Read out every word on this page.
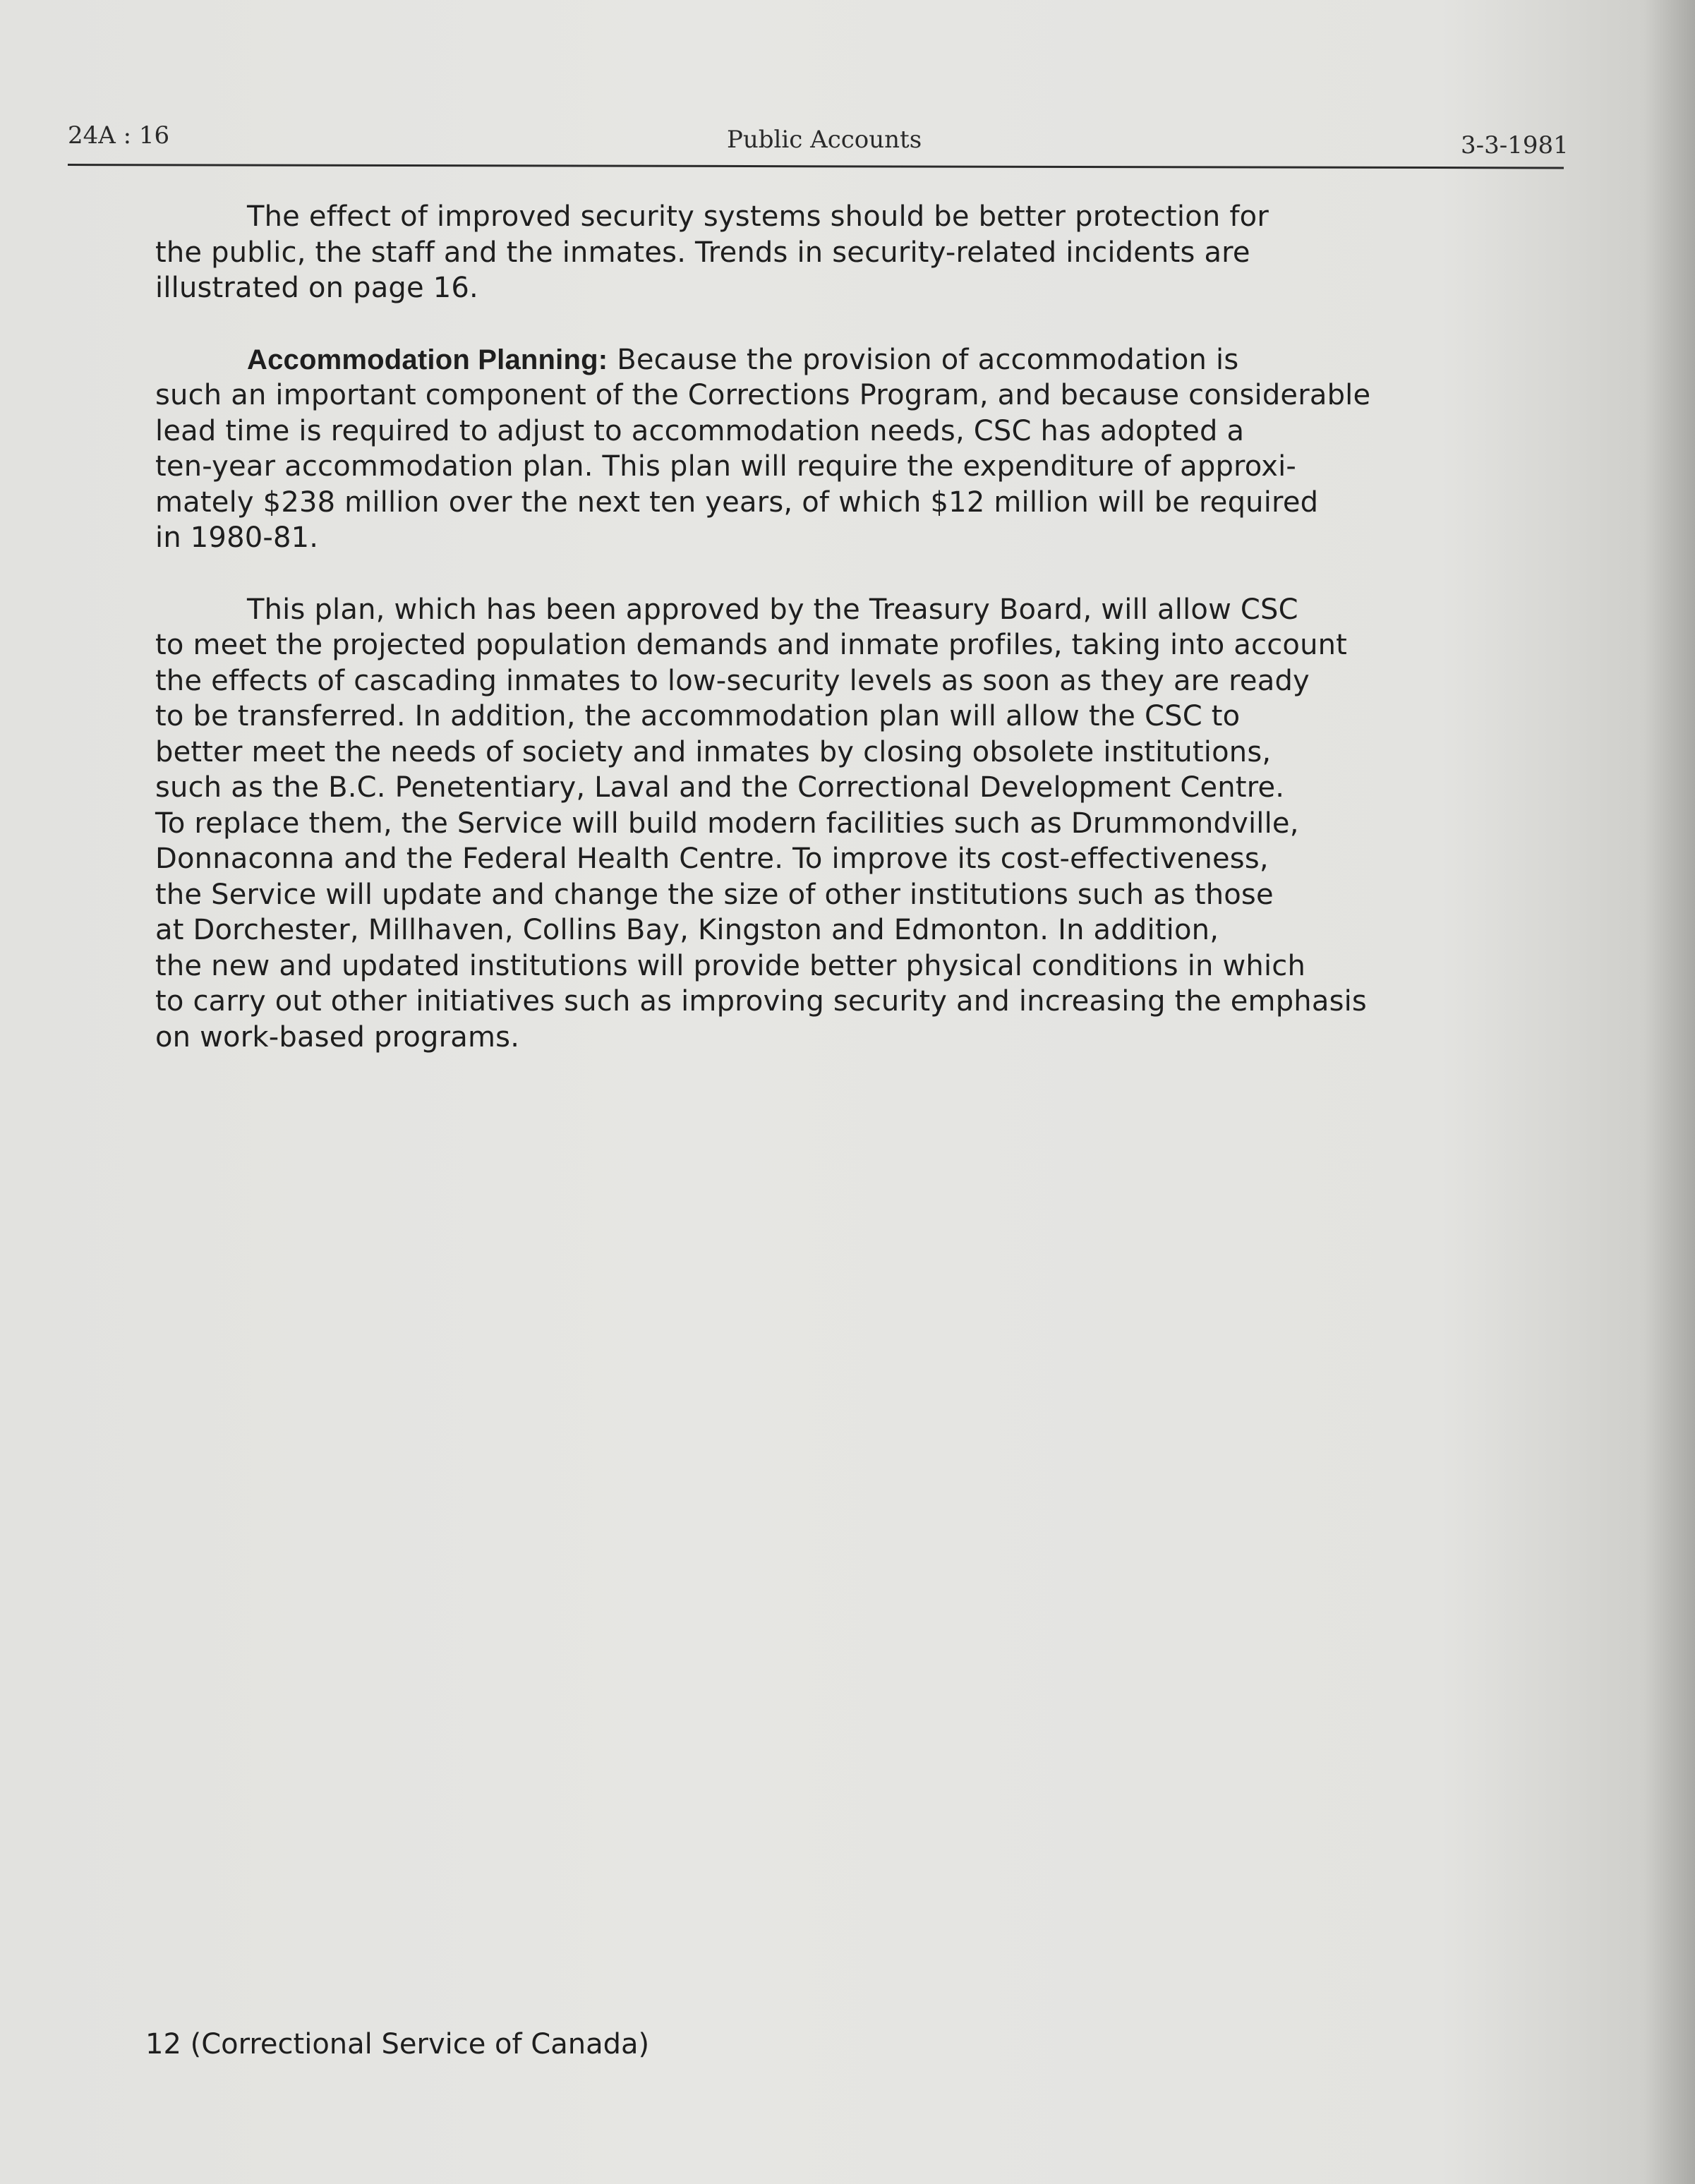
24A : 16	Public Accounts	3-3-1981
The effect of improved security systems should be better protection for
the public, the staff and the inmates. Trends in security-related incidents are
illustrated on page 16.
Accommodation Planning: Because the provision of accommodation is
such an important component of the Corrections Program, and because considerable
lead time is required to adjust to accommodation needs, CSC has adopted a
ten-year accommodation plan. This plan will require the expenditure of approxi-
mately $238 million over the next ten years, of which $12 million will be required
in 1980-81.
This plan, which has been approved by the Treasury Board, will allow CSC
to meet the projected population demands and inmate profiles, taking into account
the effects of cascading inmates to low-security levels as soon as they are ready
to be transferred. In addition, the accommodation plan will allow the CSC to
better meet the needs of society and inmates by closing obsolete institutions,
such as the B.C. Penetentiary, Laval and the Correctional Development Centre.
To replace them, the Service will build modern facilities such as Drummondville,
Donnaconna and the Federal Health Centre. To improve its cost-effectiveness,
the Service will update and change the size of other institutions such as those
at Dorchester, Millhaven, Collins Bay, Kingston and Edmonton. In addition,
the new and updated institutions will provide better physical conditions in which
to carry out other initiatives such as improving security and increasing the emphasis
on work-based programs.
12 (Correctional Service of Canada)
